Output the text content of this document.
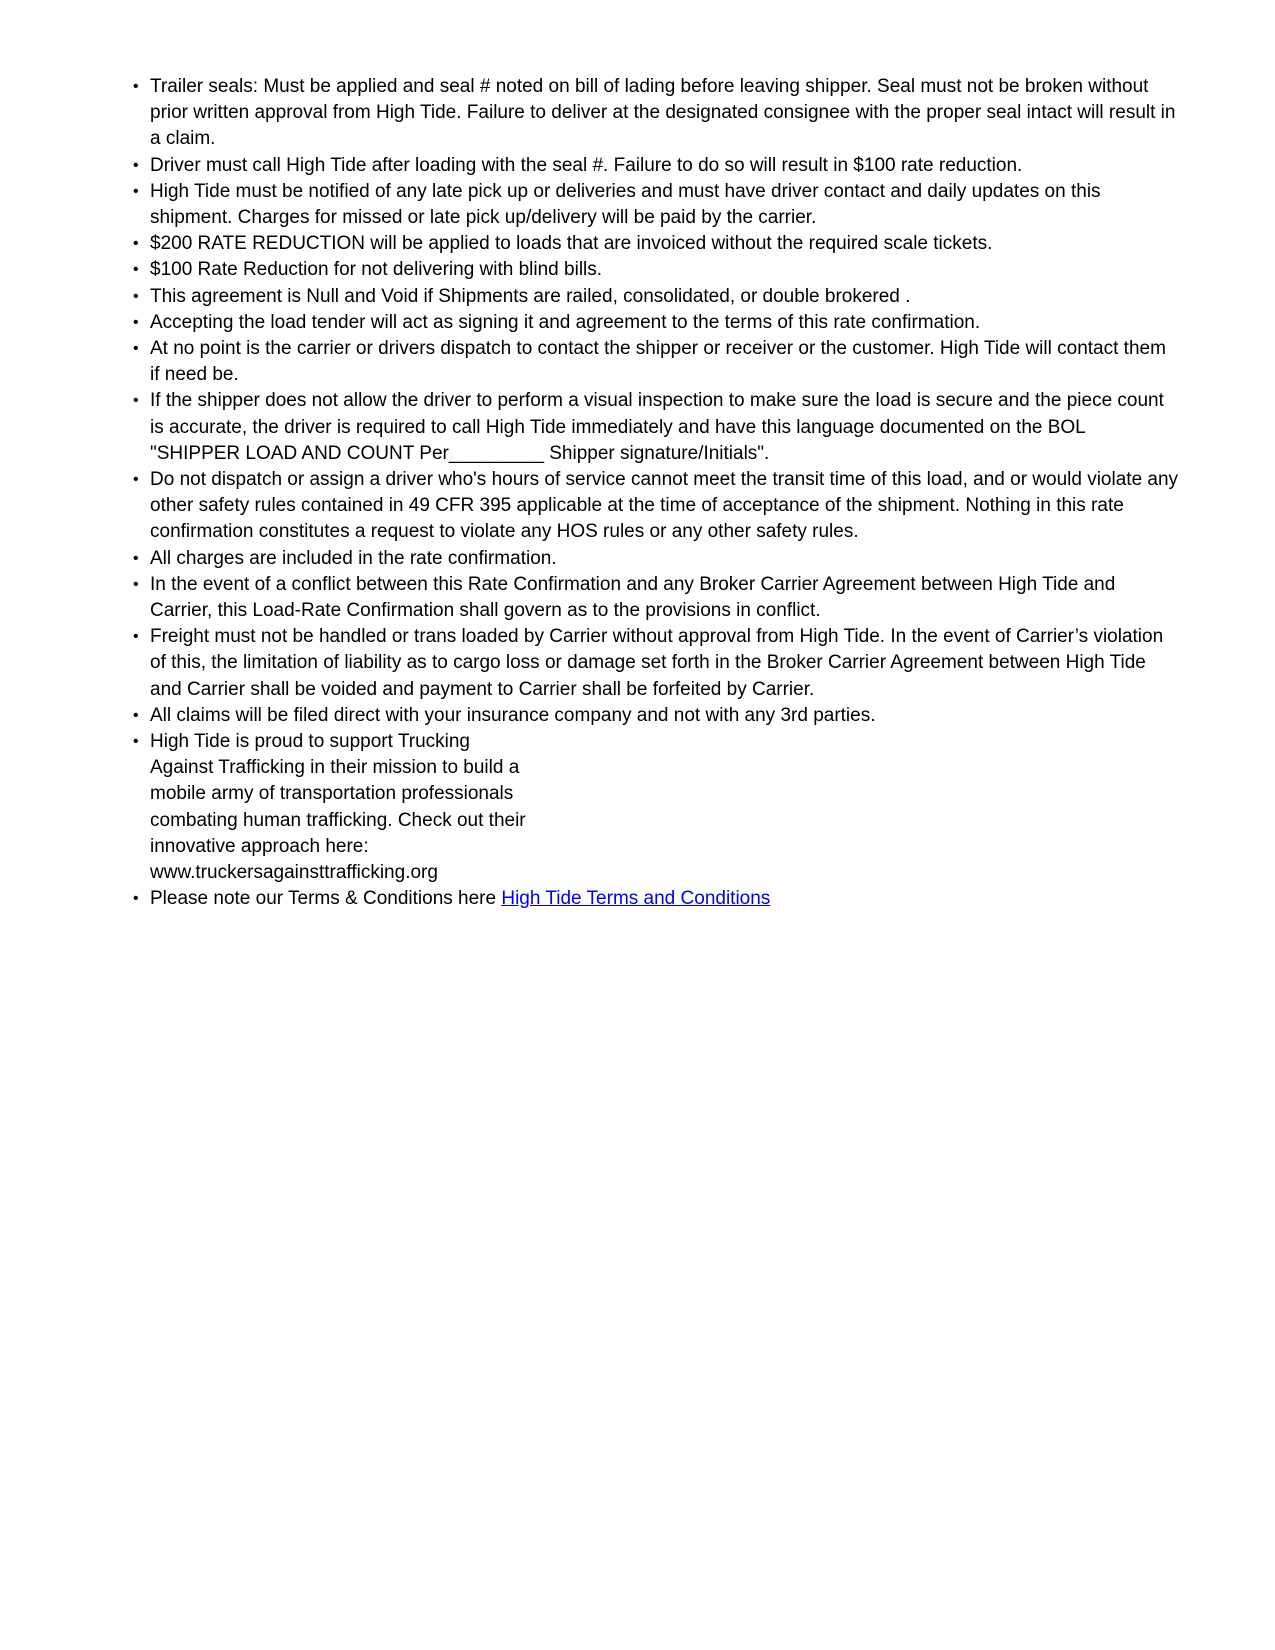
• Trailer seals: Must be applied and seal # noted on bill of lading before leaving shipper. Seal must not be broken without prior written approval from High Tide. Failure to deliver at the designated consignee with the proper seal intact will result in a claim.
• Driver must call High Tide after loading with the seal #. Failure to do so will result in $100 rate reduction.
• High Tide must be notified of any late pick up or deliveries and must have driver contact and daily updates on this shipment. Charges for missed or late pick up/delivery will be paid by the carrier.
• $200 RATE REDUCTION will be applied to loads that are invoiced without the required scale tickets.
• $100 Rate Reduction for not delivering with blind bills.
• This agreement is Null and Void if Shipments are railed, consolidated, or double brokered .
• Accepting the load tender will act as signing it and agreement to the terms of this rate confirmation.
• At no point is the carrier or drivers dispatch to contact the shipper or receiver or the customer. High Tide will contact them if need be.
• If the shipper does not allow the driver to perform a visual inspection to make sure the load is secure and the piece count is accurate, the driver is required to call High Tide immediately and have this language documented on the BOL "SHIPPER LOAD AND COUNT Per_________ Shipper signature/Initials".
• Do not dispatch or assign a driver who's hours of service cannot meet the transit time of this load, and or would violate any other safety rules contained in 49 CFR 395 applicable at the time of acceptance of the shipment. Nothing in this rate confirmation constitutes a request to violate any HOS rules or any other safety rules.
• All charges are included in the rate confirmation.
• In the event of a conflict between this Rate Confirmation and any Broker Carrier Agreement between High Tide and Carrier, this Load-Rate Confirmation shall govern as to the provisions in conflict.
• Freight must not be handled or trans loaded by Carrier without approval from High Tide. In the event of Carrier’s violation of this, the limitation of liability as to cargo loss or damage set forth in the Broker Carrier Agreement between High Tide and Carrier shall be voided and payment to Carrier shall be forfeited by Carrier.
• All claims will be filed direct with your insurance company and not with any 3rd parties.
• High Tide is proud to support Trucking
Against Trafficking in their mission to build a
mobile army of transportation professionals
combating human trafficking. Check out their
innovative approach here:
www.truckersagainsttrafficking.org
• Please note our Terms & Conditions here High Tide Terms and Conditions
